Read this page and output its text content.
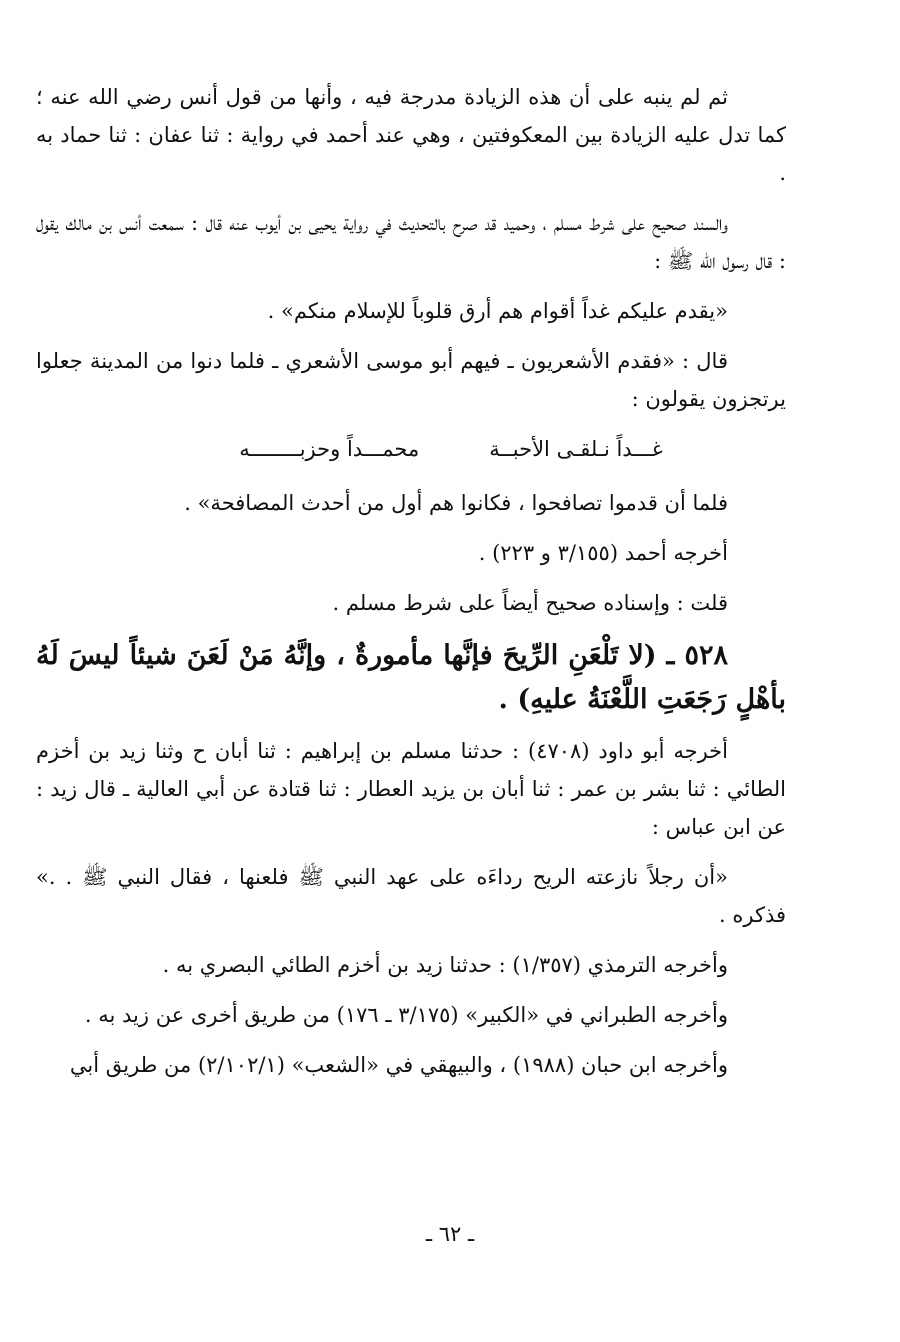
ثم لم ينبه على أن هذه الزيادة مدرجة فيه ، وأنها من قول أنس رضي الله عنه ؛ كما تدل عليه الزيادة بين المعكوفتين ، وهي عند أحمد في رواية : ثنا عفان : ثنا حماد به .

والسند صحيح على شرط مسلم ، وحميد قد صرح بالتحديث في رواية يحيى بن أيوب عنه قال : سمعت أنس بن مالك يقول : قال رسول الله ﷺ :

«يقدم عليكم غداً أقوام هم أرق قلوباً للإسلام منكم» .

قال : «فقدم الأشعريون ـ فيهم أبو موسى الأشعري ـ فلما دنوا من المدينة جعلوا يرتجزون يقولون :

غـــداً نـلقـى الأحبــة
محمـــداً وحزبــــــــه

فلما أن قدموا تصافحوا ، فكانوا هم أول من أحدث المصافحة» .

أخرجه أحمد (٣/١٥٥ و ٢٢٣) .

قلت : وإسناده صحيح أيضاً على شرط مسلم .

٥٢٨ ـ (لا تَلْعَنِ الرِّيحَ فإنَّها مأمورةٌ ، وإنَّهُ مَنْ لَعَنَ شيئاً ليسَ لَهُ بأهْلٍ رَجَعَتِ اللَّعْنَةُ عليهِ) .

أخرجه أبو داود (٤٧٠٨) : حدثنا مسلم بن إبراهيم : ثنا أبان ح وثنا زيد بن أخزم الطائي : ثنا بشر بن عمر : ثنا أبان بن يزيد العطار : ثنا قتادة عن أبي العالية ـ قال زيد : عن ابن عباس :

«أن رجلاً نازعته الريح رداءَه على عهد النبي ﷺ فلعنها ، فقال النبي ﷺ . .» فذكره .

وأخرجه الترمذي (١/٣٥٧) : حدثنا زيد بن أخزم الطائي البصري به .

وأخرجه الطبراني في «الكبير» (٣/١٧٥ ـ ١٧٦) من طريق أخرى عن زيد به .

وأخرجه ابن حبان (١٩٨٨) ، والبيهقي في «الشعب» (٢/١٠٢/١) من طريق أبي

ـ ٦٢ ـ
